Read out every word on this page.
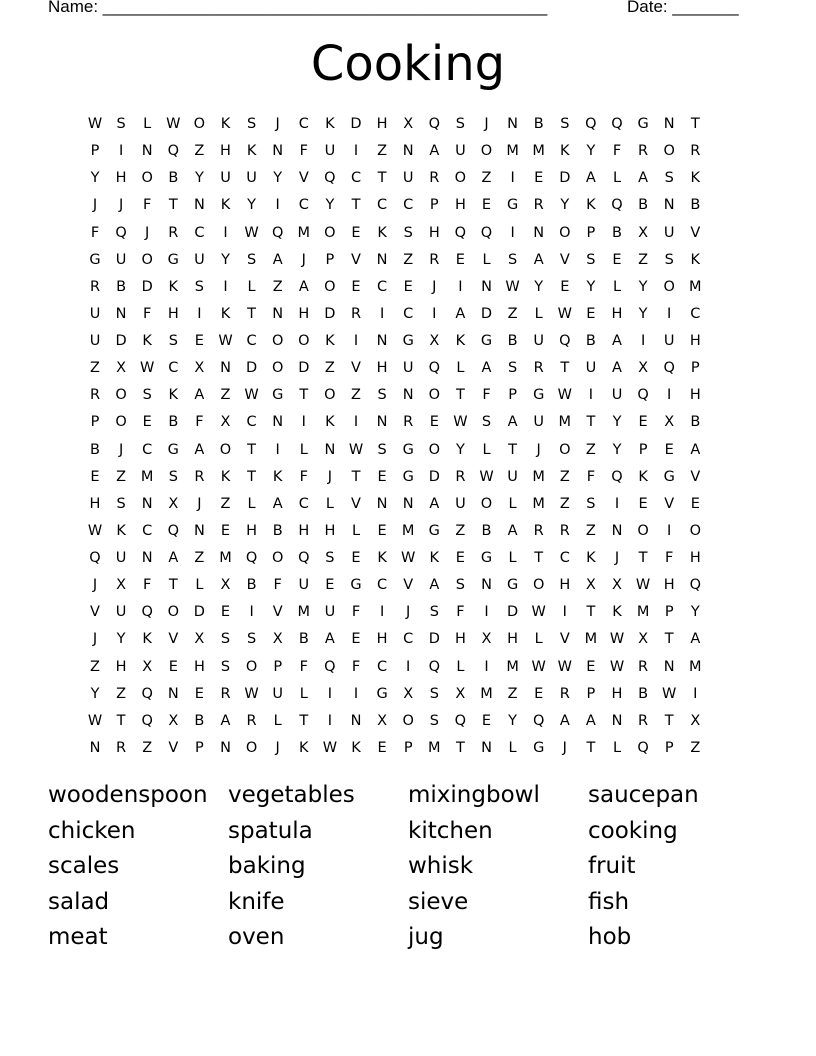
Name: _______________________________________________	Date: _______
Cooking
W S	L	W O	K	S	J	C	K	D	H	X	Q	S	J	N	B	S	Q	Q	G	N	T
P	I	N	Q	Z	H	K	N	F	U	I	Z	N	A	U	O M M	K	Y	F	R	O	R
Y	H	O	B	Y	U	U	Y	V	Q	C	T	U	R	O	Z	I	E	D	A	L	A	S	K
J	J	F	T	N	K	Y	I	C	Y	T	C	C	P	H	E	G	R	Y	K	Q	B	N	B
F	Q	J	R	C	I	W Q M O	E	K	S	H	Q	Q	I	N	O	P	B	X	U	V
G	U	O	G	U	Y	S	A	J	P	V	N	Z	R	E	L	S	A	V	S	E	Z	S	K
R	B	D	K	S	I	L	Z	A	O	E	C	E	J	I	N W Y	E	Y	L	Y	O M
U	N	F	H	I	K	T	N	H	D	R	I	C	I	A	D	Z	L	W E	H	Y	I	C
U	D	K	S	E W C	O	O	K	I	N	G	X	K	G	B	U	Q	B	A	I	U	H
Z	X W C	X	N	D	O	D	Z	V	H	U	Q	L	A	S	R	T	U	A	X	Q	P
R	O	S	K	A	Z W G	T	O	Z	S	N	O	T	F	P	G W	I	U	Q	I	H
P	O	E	B	F	X	C	N	I	K	I	N	R	E W S	A	U	M	T	Y	E	X	B
B	J	C	G	A	O	T	I	L	N W S	G	O	Y	L	T	J	O	Z	Y	P	E	A
E	Z	M	S	R	K	T	K	F	J	T	E	G	D	R W U	M	Z	F	Q	K	G	V
H	S	N	X	J	Z	L	A	C	L	V	N	N	A	U	O	L	M	Z	S	I	E	V	E
W K	C	Q	N	E	H	B	H	H	L	E	M G	Z	B	A	R	R	Z	N	O	I	O
Q	U	N	A	Z	M Q	O	Q	S	E	K W K	E	G	L	T	C	K	J	T	F	H
J	X	F	T	L	X	B	F	U	E	G	C	V	A	S	N	G	O	H	X	X W H	Q
V	U	Q	O	D	E	I	V	M	U	F	I	J	S	F	I	D W	I	T	K	M	P	Y
J	Y	K	V	X	S	S	X	B	A	E	H	C	D	H	X	H	L	V	M W X	T	A
Z	H	X	E	H	S	O	P	F	Q	F	C	I	Q	L	I	M W W E W R	N M
Y	Z	Q	N	E	R W U	L	I	I	G	X	S	X	M	Z	E	R	P	H	B W	I
W T	Q	X	B	A	R	L	T	I	N	X	O	S	Q	E	Y	Q	A	A	N	R	T	X
N	R	Z	V	P	N	O	J	K W K	E	P	M	T	N	L	G	J	T	L	Q	P	Z
woodenspoon vegetables mixingbowl saucepan
chicken	spatula	kitchen	cooking
scales	baking	whisk	fruit
salad	knife	sieve	fish
meat	oven	jug	hob
